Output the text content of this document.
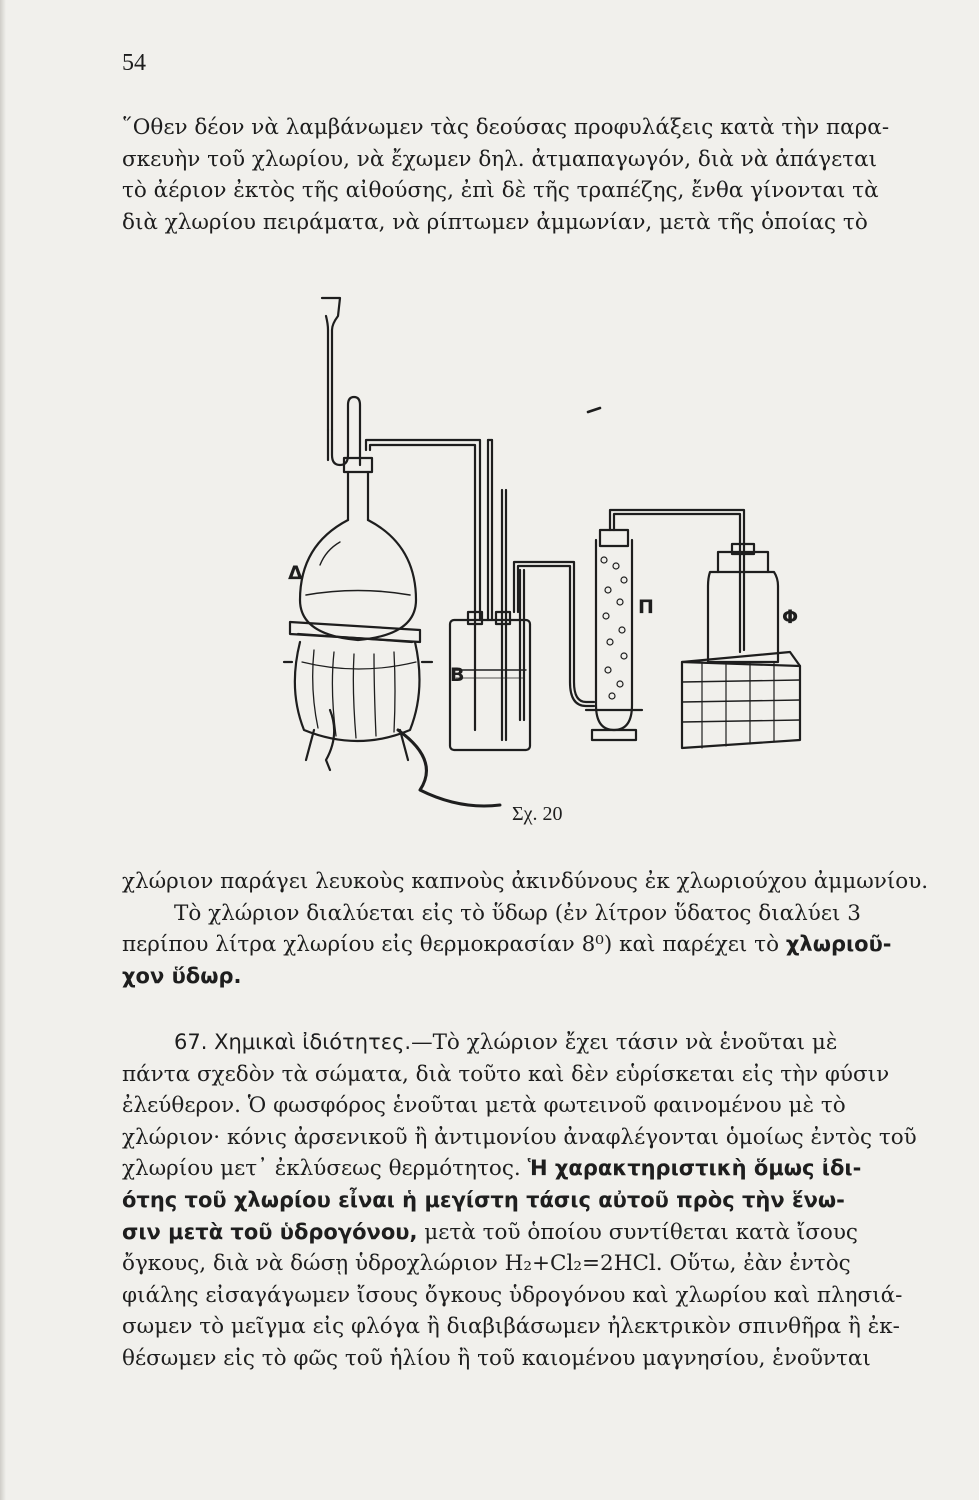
54
῞Οθεν δέον νὰ λαμβάνωμεν τὰς δεούσας προφυλάξεις κατὰ τὴν παρα-
σκευὴν τοῦ χλωρίου, νὰ ἔχωμεν δηλ. ἀτμαπαγωγόν, διὰ νὰ ἀπάγεται
τὸ ἀέριον ἐκτὸς τῆς αἰθούσης, ἐπὶ δὲ τῆς τραπέζης, ἔνθα γίνονται τὰ
διὰ χλωρίου πειράματα, νὰ ρίπτωμεν ἀμμωνίαν, μετὰ τῆς ὁποίας τὸ
Δ
Β
Π	Φ
Σχ. 20
χλώριον παράγει λευκοὺς καπνοὺς ἀκινδύνους ἐκ χλωριούχου ἀμμωνίου.
Τὸ χλώριον διαλύεται εἰς τὸ ὕδωρ (ἐν λίτρον ὕδατος διαλύει 3
περίπου λίτρα χλωρίου εἰς θερμοκρασίαν 8⁰) καὶ παρέχει τὸ χλωριοῦ-
χον ὕδωρ.
67. Χημικαὶ ἰδιότητες.—Τὸ χλώριον ἔχει τάσιν νὰ ἑνοῦται μὲ
πάντα σχεδὸν τὰ σώματα, διὰ τοῦτο καὶ δὲν εὑρίσκεται εἰς τὴν φύσιν
ἐλεύθερον. Ὁ φωσφόρος ἑνοῦται μετὰ φωτεινοῦ φαινομένου μὲ τὸ
χλώριον· κόνις ἀρσενικοῦ ἢ ἀντιμονίου ἀναφλέγονται ὁμοίως ἐντὸς τοῦ
χλωρίου μετ᾿ ἐκλύσεως θερμότητος. Ἡ χαρακτηριστικὴ ὅμως ἰδι-
ότης τοῦ χλωρίου εἶναι ἡ μεγίστη τάσις αὐτοῦ πρὸς τὴν ἕνω-
σιν μετὰ τοῦ ὑδρογόνου, μετὰ τοῦ ὁποίου συντίθεται κατὰ ἴσους
ὄγκους, διὰ νὰ δώσῃ ὑδροχλώριον H₂+Cl₂=2HCl. Οὕτω, ἐὰν ἐντὸς
φιάλης εἰσαγάγωμεν ἴσους ὄγκους ὑδρογόνου καὶ χλωρίου καὶ πλησιά-
σωμεν τὸ μεῖγμα εἰς φλόγα ἢ διαβιβάσωμεν ἠλεκτρικὸν σπινθῆρα ἢ ἐκ-
θέσωμεν εἰς τὸ φῶς τοῦ ἡλίου ἢ τοῦ καιομένου μαγνησίου, ἑνοῦνται
